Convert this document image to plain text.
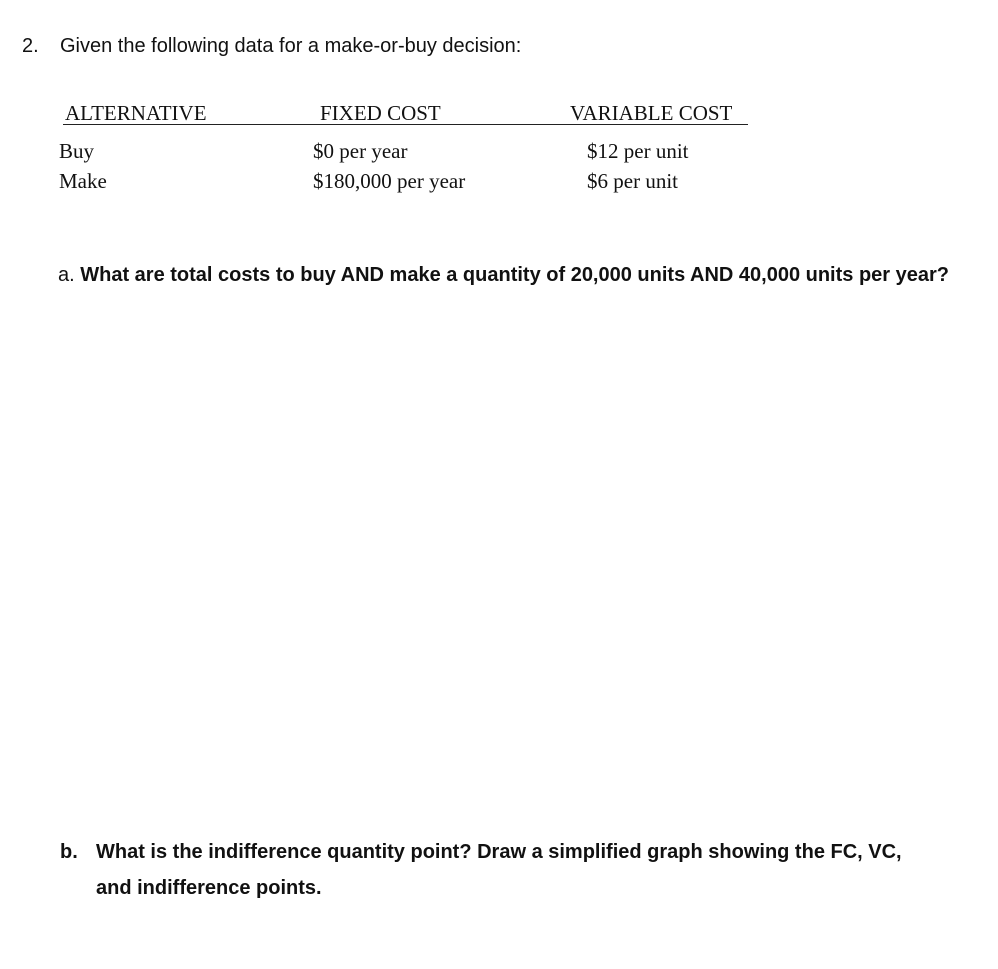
2. Given the following data for a make-or-buy decision:
ALTERNATIVE	FIXED COST	VARIABLE COST
Buy	$0 per year	$12 per unit
Make	$180,000 per year	$6 per unit
a. What are total costs to buy AND make a quantity of 20,000 units AND 40,000 units per year?
b. What is the indifference quantity point? Draw a simplified graph showing the FC, VC, and indifference points.
